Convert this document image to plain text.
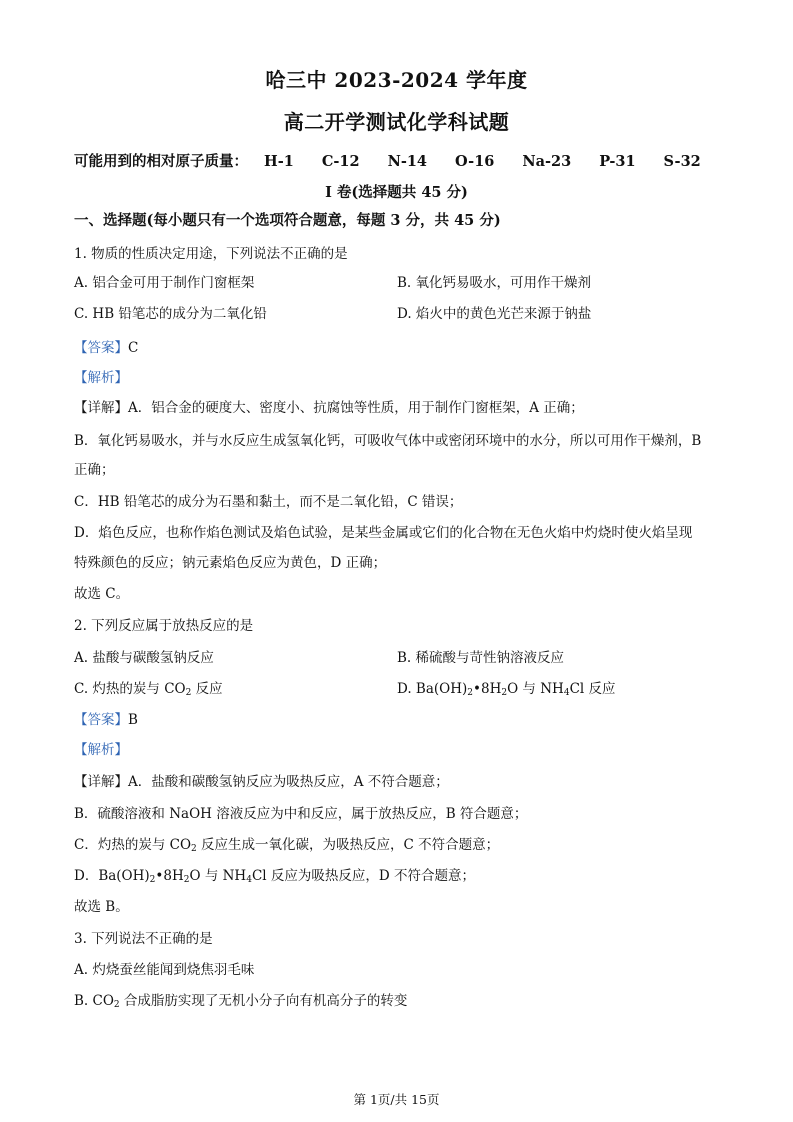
哈三中 2023-2024 学年度
高二开学测试化学科试题
可能用到的相对原子质量： H-1 C-12 N-14 O-16 Na-23 P-31 S-32
I 卷(选择题共 45 分)
一、选择题(每小题只有一个选项符合题意，每题 3 分，共 45 分)
1. 物质的性质决定用途，下列说法不正确的是
A. 铝合金可用于制作门窗框架	B. 氧化钙易吸水，可用作干燥剂
C. HB 铅笔芯的成分为二氧化铅	D. 焰火中的黄色光芒来源于钠盐
【答案】C
【解析】
【详解】A．铝合金的硬度大、密度小、抗腐蚀等性质，用于制作门窗框架，A 正确；
B．氧化钙易吸水，并与水反应生成氢氧化钙，可吸收气体中或密闭环境中的水分，所以可用作干燥剂，B
正确；
C．HB 铅笔芯的成分为石墨和黏土，而不是二氧化铅，C 错误；
D．焰色反应，也称作焰色测试及焰色试验，是某些金属或它们的化合物在无色火焰中灼烧时使火焰呈现
特殊颜色的反应；钠元素焰色反应为黄色，D 正确；
故选 C。
2. 下列反应属于放热反应的是
A. 盐酸与碳酸氢钠反应	B. 稀硫酸与苛性钠溶液反应
C. 灼热的炭与 $CO_2$ 反应	D. $Ba(OH)_2•8H_2O$ 与 $NH_4Cl$ 反应
【答案】B
【解析】
【详解】A．盐酸和碳酸氢钠反应为吸热反应，A 不符合题意；
B．硫酸溶液和 NaOH 溶液反应为中和反应，属于放热反应，B 符合题意；
C．灼热的炭与 $CO_2$ 反应生成一氧化碳，为吸热反应，C 不符合题意；
D．$Ba(OH)_2•8H_2O$ 与 $NH_4Cl$ 反应为吸热反应，D 不符合题意；
故选 B。
3. 下列说法不正确的是
A. 灼烧蚕丝能闻到烧焦羽毛味
B. $CO_2$ 合成脂肪实现了无机小分子向有机高分子的转变
第 1页/共 15页
